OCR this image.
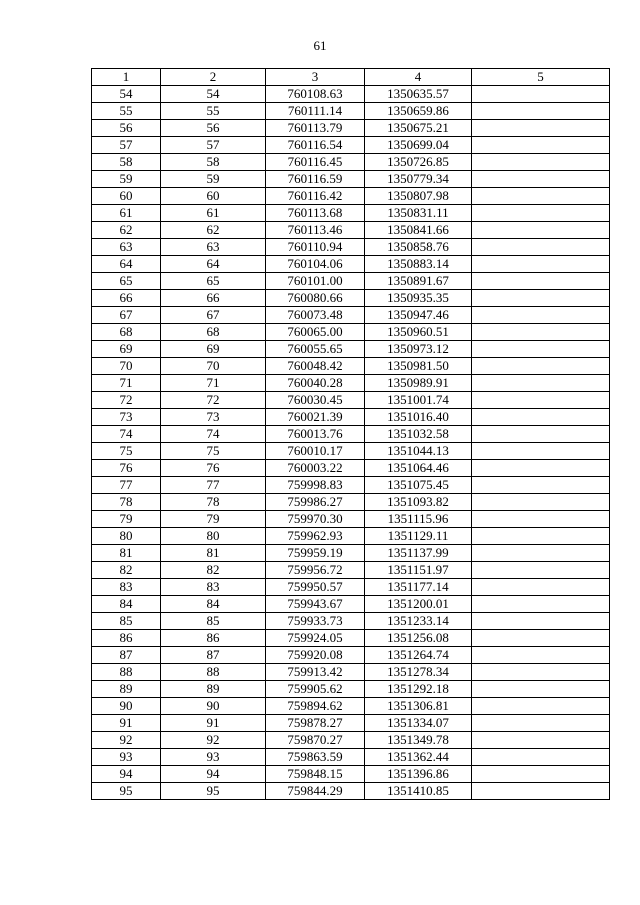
61
1	2	3	4	5
54	54	760108.63	1350635.57	
55	55	760111.14	1350659.86	
56	56	760113.79	1350675.21	
57	57	760116.54	1350699.04	
58	58	760116.45	1350726.85	
59	59	760116.59	1350779.34	
60	60	760116.42	1350807.98	
61	61	760113.68	1350831.11	
62	62	760113.46	1350841.66	
63	63	760110.94	1350858.76	
64	64	760104.06	1350883.14	
65	65	760101.00	1350891.67	
66	66	760080.66	1350935.35	
67	67	760073.48	1350947.46	
68	68	760065.00	1350960.51	
69	69	760055.65	1350973.12	
70	70	760048.42	1350981.50	
71	71	760040.28	1350989.91	
72	72	760030.45	1351001.74	
73	73	760021.39	1351016.40	
74	74	760013.76	1351032.58	
75	75	760010.17	1351044.13	
76	76	760003.22	1351064.46	
77	77	759998.83	1351075.45	
78	78	759986.27	1351093.82	
79	79	759970.30	1351115.96	
80	80	759962.93	1351129.11	
81	81	759959.19	1351137.99	
82	82	759956.72	1351151.97	
83	83	759950.57	1351177.14	
84	84	759943.67	1351200.01	
85	85	759933.73	1351233.14	
86	86	759924.05	1351256.08	
87	87	759920.08	1351264.74	
88	88	759913.42	1351278.34	
89	89	759905.62	1351292.18	
90	90	759894.62	1351306.81	
91	91	759878.27	1351334.07	
92	92	759870.27	1351349.78	
93	93	759863.59	1351362.44	
94	94	759848.15	1351396.86	
95	95	759844.29	1351410.85	
